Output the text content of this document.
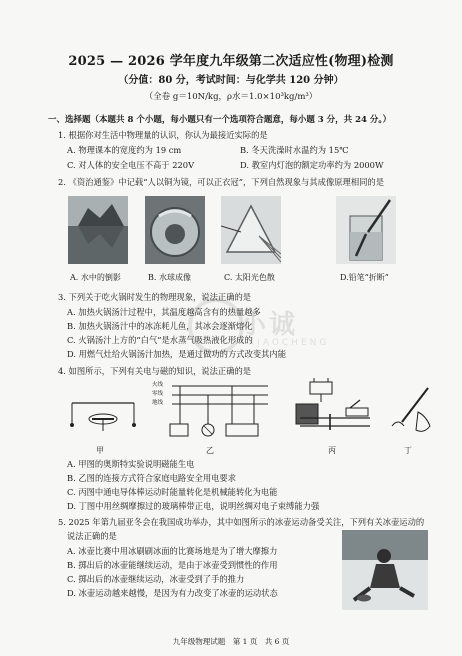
2025 — 2026 学年度九年级第二次适应性(物理)检测
（分值：80 分，考试时间：与化学共 120 分钟）
（全卷 g＝10N/kg，ρ水＝1.0×10³kg/m³）
一、选择题（本题共 8 个小题，每小题只有一个选项符合题意，每小题 3 分，共 24 分。）
1. 根据你对生活中物理量的认识，你认为最接近实际的是
A. 物理课本的宽度约为 19 cm	B. 冬天洗澡时水温约为 15℃
C. 对人体的安全电压不高于 220V	D. 教室内灯泡的额定功率约为 2000W
2. 《资治通鉴》中记载“人以铜为镜，可以正衣冠”，下列自然现象与其成像原理相同的是
A. 水中的倒影	B. 水球成像	C. 太阳光色散	D.铅笔“折断”
小诚
XIAOCHENG
3. 下列关于吃火锅时发生的物理现象，说法正确的是
A. 加热火锅汤汁过程中，其温度越高含有的热量越多
B. 加热火锅汤汁中的冰冻耗儿鱼，其冰会逐渐熔化
C. 火锅汤汁上方的“白气”是水蒸气吸热液化形成的
D. 用燃气灶给火锅汤汁加热，是通过做功的方式改变其内能
4. 如图所示，下列有关电与磁的知识，说法正确的是
火线
零线
地线
甲	乙	丙	丁
A. 甲图的奥斯特实验说明磁能生电
B. 乙图的连接方式符合家庭电路安全用电要求
C. 丙图中通电导体棒运动时能量转化是机械能转化为电能
D. 丁图中用丝绸摩擦过的玻璃棒带正电，说明丝绸对电子束缚能力强
5. 2025 年第九届亚冬会在我国成功举办，其中如图所示的冰壶运动备受关注，下列有关冰壶运动的
说法正确的是
A. 冰壶比赛中用冰刷刷冰面的比赛场地是为了增大摩擦力
B. 掷出后的冰壶能继续运动，是由于冰壶受到惯性的作用
C. 掷出后的冰壶继续运动，冰壶受到了手的推力
D. 冰壶运动越来越慢，是因为有力改变了冰壶的运动状态
九年级物理试题　第 1 页　共 6 页
